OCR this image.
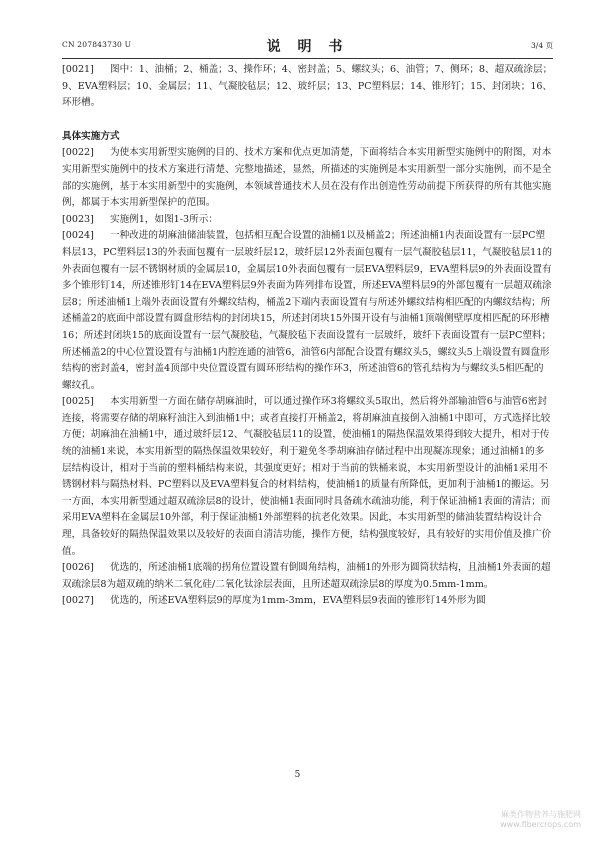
CN 207843730 U	说 明 书	3/4 页

[0021] 图中：1、油桶；2、桶盖；3、操作环；4、密封盖；5、螺纹头；6、油管；7、侧环；8、超双疏涂层；9、EVA塑料层；10、金属层；11、气凝胶毡层；12、玻纤层；13、PC塑料层；14、锥形钉；15、封闭块；16、环形槽。

具体实施方式

[0022] 为使本实用新型实施例的目的、技术方案和优点更加清楚，下面将结合本实用新型实施例中的附图，对本实用新型实施例中的技术方案进行清楚、完整地描述，显然，所描述的实施例是本实用新型一部分实施例，而不是全部的实施例，基于本实用新型中的实施例，本领域普通技术人员在没有作出创造性劳动前提下所获得的所有其他实施例，都属于本实用新型保护的范围。

[0023] 实施例1，如图1-3所示：

[0024] 一种改进的胡麻油储油装置，包括相互配合设置的油桶1以及桶盖2；所述油桶1内表面设置有一层PC塑料层13，PC塑料层13的外表面包覆有一层玻纤层12，玻纤层12外表面包覆有一层气凝胶毡层11，气凝胶毡层11的外表面包覆有一层不锈钢材质的金属层10，金属层10外表面包覆有一层EVA塑料层9，EVA塑料层9的外表面设置有多个锥形钉14，所述锥形钉14在EVA塑料层9外表面为阵列排布设置，所述EVA塑料层9的外部包覆有一层超双疏涂层8；所述油桶1上端外表面设置有外螺纹结构，桶盖2下端内表面设置有与所述外螺纹结构相匹配的内螺纹结构；所述桶盖2的底面中部设置有圆盘形结构的封闭块15，所述封闭块15外围开设有与油桶1顶端侧壁厚度相匹配的环形槽16；所述封闭块15的底面设置有一层气凝胶毡，气凝胶毡下表面设置有一层玻纤，玻纤下表面设置有一层PC塑料；所述桶盖2的中心位置设置有与油桶1内腔连通的油管6，油管6内部配合设置有螺纹头5，螺纹头5上端设置有圆盘形结构的密封盖4，密封盖4顶部中央位置设置有圆环形结构的操作环3，所述油管6的管孔结构为与螺纹头5相匹配的螺纹孔。

[0025] 本实用新型一方面在储存胡麻油时，可以通过操作环3将螺纹头5取出，然后将外部输油管6与油管6密封连接，将需要存储的胡麻籽油注入到油桶1中；或者直接打开桶盖2，将胡麻油直接倒入油桶1中即可，方式选择比较方便；胡麻油在油桶1中，通过玻纤层12、气凝胶毡层11的设置，使油桶1的隔热保温效果得到较大提升，相对于传统的油桶1来说，本实用新型的隔热保温效果较好，利于避免冬季胡麻油存储过程中出现凝冻现象；通过油桶1的多层结构设计，相对于当前的塑料桶结构来说，其强度更好；相对于当前的铁桶来说，本实用新型设计的油桶1采用不锈钢材料与隔热材料、PC塑料以及EVA塑料复合的材料结构，使油桶1的质量有所降低，更加利于油桶1的搬运。另一方面，本实用新型通过超双疏涂层8的设计，使油桶1表面同时具备疏水疏油功能，利于保证油桶1表面的清洁；而采用EVA塑料在金属层10外部，利于保证油桶1外部塑料的抗老化效果。因此，本实用新型的储油装置结构设计合理，具备较好的隔热保温效果以及较好的表面自清洁功能，操作方便，结构强度较好，具有较好的实用价值及推广价值。

[0026] 优选的，所述油桶1底端的拐角位置设置有倒圆角结构，油桶1的外形为圆筒状结构，且油桶1外表面的超双疏涂层8为超双疏的纳米二氧化硅/二氧化钛涂层表面，且所述超双疏涂层8的厚度为0.5mm-1mm。

[0027] 优选的，所述EVA塑料层9的厚度为1mm-3mm，EVA塑料层9表面的锥形钉14外形为圆

5
麻类作物营养与施肥网
www.fibercrops.com
